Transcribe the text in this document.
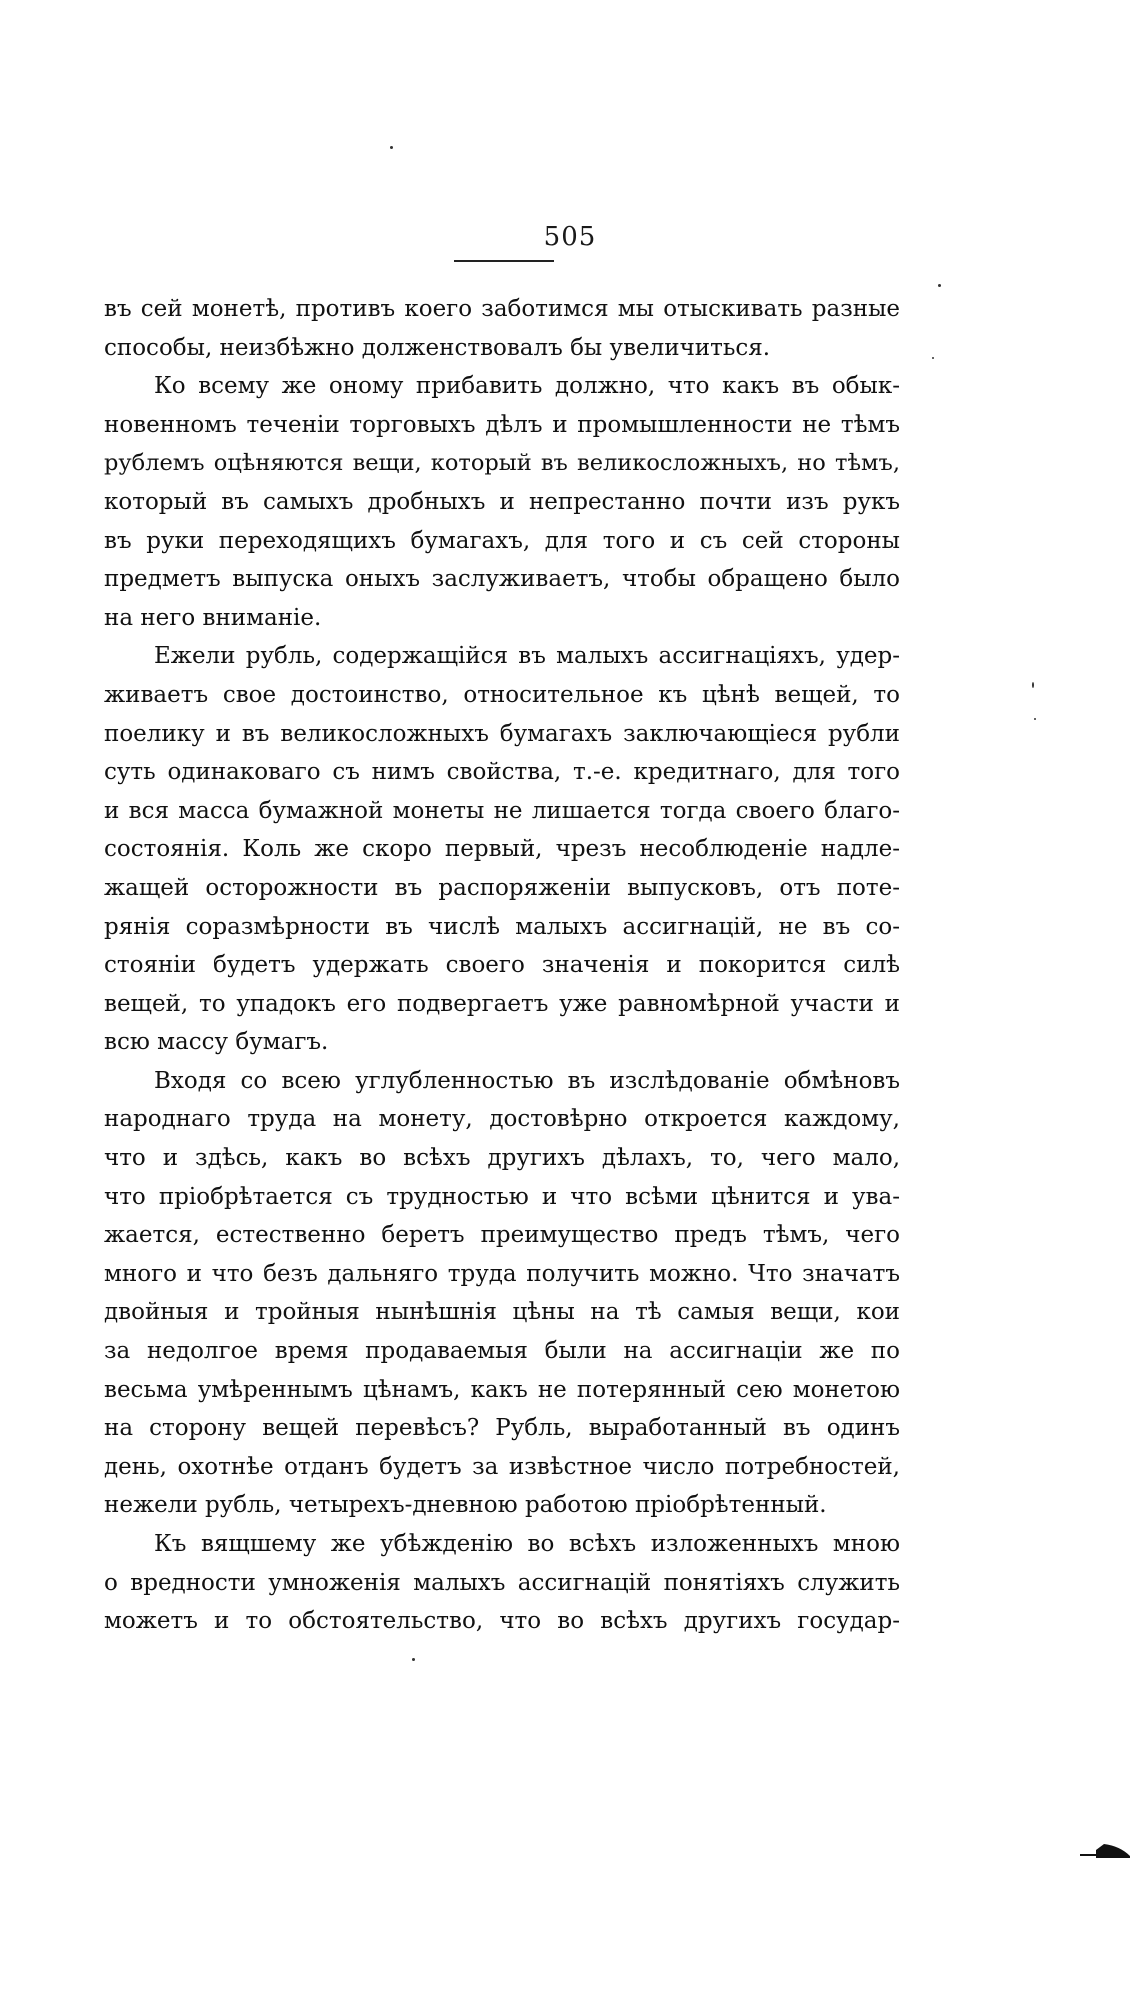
505
въ сей монетѣ, противъ коего заботимся мы отыскивать разные
способы, неизбѣжно долженствовалъ бы увеличиться.
Ко всему же оному прибавить должно, что какъ въ обык-
новенномъ теченіи торговыхъ дѣлъ и промышленности не тѣмъ
рублемъ оцѣняются вещи, который въ великосложныхъ, но тѣмъ,
который въ самыхъ дробныхъ и непрестанно почти изъ рукъ
въ руки переходящихъ бумагахъ, для того и съ сей стороны
предметъ выпуска оныхъ заслуживаетъ, чтобы обращено было
на него вниманіе.
Ежели рубль, содержащійся въ малыхъ ассигнаціяхъ, удер-
живаетъ свое достоинство, относительное къ цѣнѣ вещей, то
поелику и въ великосложныхъ бумагахъ заключающіеся рубли
суть одинаковаго съ нимъ свойства, т.-е. кредитнаго, для того
и вся масса бумажной монеты не лишается тогда своего благо-
состоянія. Коль же скоро первый, чрезъ несоблюденіе надле-
жащей осторожности въ распоряженіи выпусковъ, отъ поте-
рянія соразмѣрности въ числѣ малыхъ ассигнацій, не въ со-
стояніи будетъ удержать своего значенія и покорится силѣ
вещей, то упадокъ его подвергаетъ уже равномѣрной участи и
всю массу бумагъ.
Входя со всею углубленностью въ изслѣдованіе обмѣновъ
народнаго труда на монету, достовѣрно откроется каждому,
что и здѣсь, какъ во всѣхъ другихъ дѣлахъ, то, чего мало,
что пріобрѣтается съ трудностью и что всѣми цѣнится и ува-
жается, естественно беретъ преимущество предъ тѣмъ, чего
много и что безъ дальняго труда получить можно. Что значатъ
двойныя и тройныя нынѣшнія цѣны на тѣ самыя вещи, кои
за недолгое время продаваемыя были на ассигнаціи же по
весьма умѣреннымъ цѣнамъ, какъ не потерянный сею монетою
на сторону вещей перевѣсъ? Рубль, выработанный въ одинъ
день, охотнѣе отданъ будетъ за извѣстное число потребностей,
нежели рубль, четырехъ-дневною работою пріобрѣтенный.
Къ вящшему же убѣжденію во всѣхъ изложенныхъ мною
о вредности умноженія малыхъ ассигнацій понятіяхъ служить
можетъ и то обстоятельство, что во всѣхъ другихъ государ-
